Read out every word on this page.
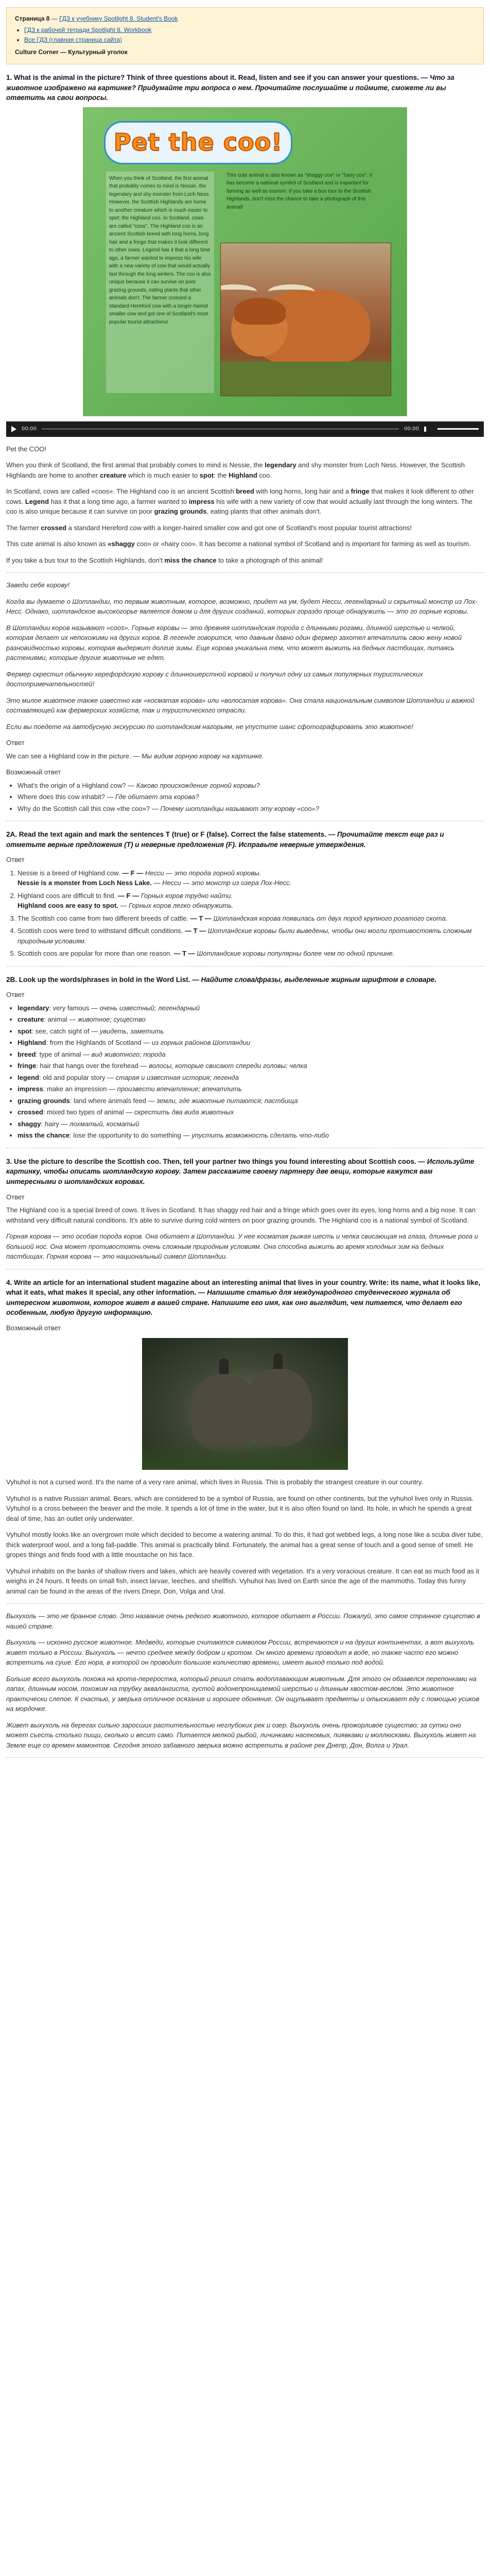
Страница 8 — ГДЗ к учебнику Spotlight 8. Student's Book
• ГДЗ к рабочей тетради Spotlight 8. Workbook
• Все ГДЗ (главная страница сайта)
Culture Corner — Культурный уголок
1. What is the animal in the picture? Think of three questions about it. Read, listen and see if you can answer your questions. — Что за животное изображено на картинке? Придумайте три вопроса о нем. Прочитайте послушайте и поймите, сможете ли вы ответить на свои вопросы.
Pet the coo!
When you think of Scotland, the first animal that probably comes to mind is Nessie, the legendary and shy monster from Loch Ness. However, the Scottish Highlands are home to another creature which is much easier to spot: the Highland coo. In Scotland, cows are called "coos". The Highland coo is an ancient Scottish breed with long horns, long hair and a fringe that makes it look different to other cows. Legend has it that a long time ago, a farmer wanted to impress his wife with a new variety of cow that would actually last through the long winters. The coo is also unique because it can survive on poor grazing grounds, eating plants that other animals don't. The farmer crossed a standard Hereford cow with a longer-haired smaller cow and got one of Scotland's most popular tourist attractions!
This cute animal is also known as "shaggy coo" or "hairy coo". It has become a national symbol of Scotland and is important for farming as well as tourism. If you take a bus tour to the Scottish Highlands, don't miss the chance to take a photograph of this animal!
00:00	00:00

Pet the COO!

When you think of Scotland, the first animal that probably comes to mind is Nessie, the legendary and shy monster from Loch Ness. However, the Scottish Highlands are home to another creature which is much easier to spot: the Highland coo.

In Scotland, cows are called «coos». The Highland coo is an ancient Scottish breed with long horns, long hair and a fringe that makes it look different to other cows. Legend has it that a long time ago, a farmer wanted to impress his wife with a new variety of cow that would actually last through the long winters. The coo is also unique because it can survive on poor grazing grounds, eating plants that other animals don't.

The farmer crossed a standard Hereford cow with a longer-haired smaller cow and got one of Scotland's most popular tourist attractions!

This cute animal is also known as «shaggy coo» or «hairy coo». It has become a national symbol of Scotland and is important for farming as well as tourism.

If you take a bus tour to the Scottish Highlands, don't miss the chance to take a photograph of this animal!

Заведи себе корову!

Когда вы думаете о Шотландии, то первым животным, которое, возможно, придет на ум, будет Несси, легендарный и скрытный монстр из Лох-Несс. Однако, шотландское высокогорье является домом и для других созданий, которых гораздо проще обнаружить — это го горные коровы.

В Шотландии коров называют «coos». Горные коровы — это древняя шотландская порода с длинными рогами, длинной шерстью и челкой, которая делает их непохожими на других коров. В легенде говорится, что давным давно один фермер захотел впечатлить свою жену новой разновидностью коровы, которая выдержит долгие зимы. Еще корова уникальна тем, что может выжить на бедных пастбищах, питаясь растениями, которые другие животные не едят.

Фермер скрестил обычную херефордскую корову с длинношерстной коровой и получил одну из самых популярных туристических достопримечательностей!

Это милое животное также известно как «косматая корова» или «волосатая корова». Она стала национальным символом Шотландии и важной составляющей как фермерских хозяйств, так и туристического отрасли.

Если вы поедете на автобусную экскурсию по шотландским нагорьям, не упустите шанс сфотографировать это животное!

Ответ

We can see a Highland cow in the picture. — Мы видим горную корову на картинке.

Возможный ответ

• What's the origin of a Highland cow? — Каково происхождение горной коровы?
• Where does this cow inhabit? — Где обитает эта корова?
• Why do the Scottish call this cow «the coo»? — Почему шотландцы называют эту корову «coo»?
2A. Read the text again and mark the sentences T (true) or F (false). Correct the false statements. — Прочитайте текст еще раз и отметьте верные предложения (T) и неверные предложения (F). Исправьте неверные утверждения.

Ответ

1. Nessie is a breed of Highland cow. — F — Несси — это порода горной коровы.
Nessie is a monster from Loch Ness Lake. — Несси — это монстр из озера Лох-Несс.
2. Highland coos are difficult to find. — F — Горных коров трудно найти.
Highland coos are easy to spot. — Горных коров легко обнаружить.
3. The Scottish coo came from two different breeds of cattle. — T — Шотландская корова появилась от двух пород крупного рогатого скота.
4. Scottish coos were bred to withstand difficult conditions. — T — Шотландские коровы были выведены, чтобы они могли противостоять сложным природным условиям.
5. Scottish coos are popular for more than one reason. — T — Шотландские коровы популярны более чем по одной причине.
2B. Look up the words/phrases in bold in the Word List. — Найдите слова/фразы, выделенные жирным шрифтом в словаре.

Ответ

• legendary: very famous — очень известный; легендарный
• creature: animal — животное; существо
• spot: see, catch sight of — увидеть, заметить
• Highland: from the Highlands of Scotland — из горных районов Шотландии
• breed: type of animal — вид животного; порода
• fringe: hair that hangs over the forehead — волосы, которые свисают спереди головы; челка
• legend: old and popular story — старая и известная история; легенда
• impress: make an impression — произвести впечатление; впечатлить
• grazing grounds: land where animals feed — земли, где животные питаются; пастбища
• crossed: mixed two types of animal — скрестить два вида животных
• shaggy: hairy — лохматый, косматый
• miss the chance: lose the opportunity to do something — упустить возможность сделать что-либо
3. Use the picture to describe the Scottish coo. Then, tell your partner two things you found interesting about Scottish coos. — Используйте картинку, чтобы описать шотландскую корову. Затем расскажите своему партнеру две вещи, которые кажутся вам интересными о шотландских коровах.

Ответ

The Highland coo is a special breed of cows. It lives in Scotland. It has shaggy red hair and a fringe which goes over its eyes, long horns and a big nose. It can withstand very difficult natural conditions. It's able to survive during cold winters on poor grazing grounds. The Highland coo is a national symbol of Scotland.

Горная корова — это особая порода коров. Она обитает в Шотландии. У нее косматая рыжая шесть и челка свисающая на глаза, длинные рога и большой нос. Она может противостоять очень сложным природным условиям. Она способна выжить во время холодных зим на бедных пастбищах. Горная корова — это национальный символ Шотландии.

4. Write an article for an international student magazine about an interesting animal that lives in your country. Write: its name, what it looks like, what it eats, what makes it special, any other information. — Напишите статью для международного студенческого журнала об интересном животном, которое живет в вашей стране. Напишите его имя, как оно выглядит, чем питается, что делает его особенным, любую другую информацию.

Возможный ответ

Vyhuhol is not a cursed word. It's the name of a very rare animal, which lives in Russia. This is probably the strangest creature in our country.

Vyhuhol is a native Russian animal. Bears, which are considered to be a symbol of Russia, are found on other continents, but the vyhuhol lives only in Russia. Vyhuhol is a cross between the beaver and the mole. It spends a lot of time in the water, but it is also often found on land. Its hole, in which he spends a great deal of time, has an outlet only underwater.

Vyhuhol mostly looks like an overgrown mole which decided to become a watering animal. To do this, it had got webbed legs, a long nose like a scuba diver tube, thick waterproof wool, and a long fall-paddle. This animal is practically blind. Fortunately, the animal has a great sense of touch and a good sense of smell. He gropes things and finds food with a little moustache on his face.

Vyhuhol inhabits on the banks of shallow rivers and lakes, which are heavily covered with vegetation. It's a very voracious creature. It can eat as much food as it weighs in 24 hours. It feeds on small fish, insect larvae, leeches, and shellfish. Vyhuhol has lived on Earth since the age of the mammoths. Today this funny animal can be found in the areas of the rivers Dnepr, Don, Volga and Ural.

Выхухоль — это не бранное слово. Это название очень редкого животного, которое обитает в России. Пожалуй, это самое странное существо в нашей стране.

Выхухоль — исконно русское животное. Медведи, которые считаются символом России, встречаются и на других континентах, а вот выхухоль живет только в России. Выхухоль — нечто среднее между бобром и кротом. Он много времени проводит в воде, но также часто его можно встретить на суше. Его нора, в которой он проводит большое количество времени, имеет выход только под водой.

Больше всего выхухоль похожа на крота-переростка, который решил стать водоплавающим животным. Для этого он обзавелся перепонками на лапах, длинным носом, похожим на трубку аквалангиста, густой водонепроницаемой шерстью и длинным хвостом-веслом. Это животное практически слепое. К счастью, у зверька отличное осязание и хорошее обоняние. Он ощупывает предметы и отыскивает еду с помощью усиков на мордочке.

Живет выхухоль на берегах сильно заросших растительностью неглубоких рек и озер. Выхухоль очень прожорливое существо; за сутки оно может съесть столько пищи, сколько и весит само. Питается мелкой рыбой, личинками насекомых, пиявками и моллюсками. Выхухоль живет на Земле еще со времен мамонтов. Сегодня этого забавного зверька можно встретить в районе рек Днепр, Дон, Волга и Урал.
